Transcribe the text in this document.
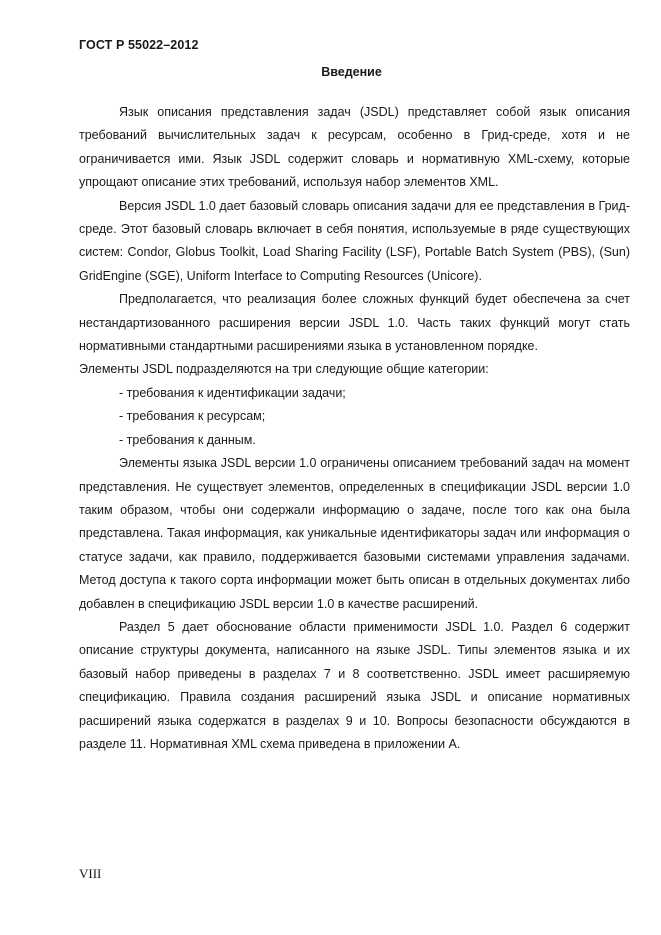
ГОСТ Р 55022–2012
Введение

Язык описания представления задач (JSDL) представляет собой язык описания требований вычислительных задач к ресурсам, особенно в Грид-среде, хотя и не ограничивается ими. Язык JSDL содержит словарь и нормативную XML-схему, которые упрощают описание этих требований, используя набор элементов XML.

Версия JSDL 1.0 дает базовый словарь описания задачи для ее представления в Грид-среде. Этот базовый словарь включает в себя понятия, используемые в ряде существующих систем: Condor, Globus Toolkit, Load Sharing Facility (LSF), Portable Batch System (PBS), (Sun) GridEngine (SGE), Uniform Interface to Computing Resources (Unicore).

Предполагается, что реализация более сложных функций будет обеспечена за счет нестандартизованного расширения версии JSDL 1.0. Часть таких функций могут стать нормативными стандартными расширениями языка в установленном порядке.

Элементы JSDL подразделяются на три следующие общие категории:

- требования к идентификации задачи;

- требования к ресурсам;

- требования к данным.

Элементы языка JSDL версии 1.0 ограничены описанием требований задач на момент представления. Не существует элементов, определенных в спецификации JSDL версии 1.0 таким образом, чтобы они содержали информацию о задаче, после того как она была представлена. Такая информация, как уникальные идентификаторы задач или информация о статусе задачи, как правило, поддерживается базовыми системами управления задачами. Метод доступа к такого сорта информации может быть описан в отдельных документах либо добавлен в спецификацию JSDL версии 1.0 в качестве расширений.

Раздел 5 дает обоснование области применимости JSDL 1.0. Раздел 6 содержит описание структуры документа, написанного на языке JSDL. Типы элементов языка и их базовый набор приведены в разделах 7 и 8 соответственно. JSDL имеет расширяемую спецификацию. Правила создания расширений языка JSDL и описание нормативных расширений языка содержатся в разделах 9 и 10. Вопросы безопасности обсуждаются в разделе 11. Нормативная XML схема приведена в приложении А.

VIII
